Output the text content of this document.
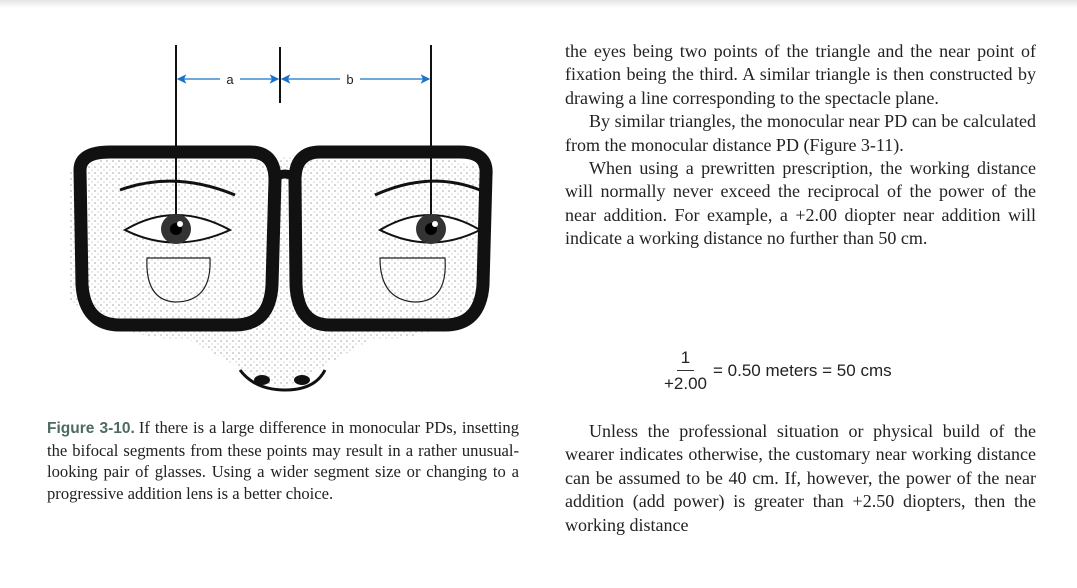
a	b
Figure 3-10. If there is a large difference in monocular PDs, insetting the bifocal segments from these points may result in a rather unusual-looking pair of glasses. Using a wider segment size or changing to a progressive addition lens is a better choice.

the eyes being two points of the triangle and the near point of fixation being the third. A similar triangle is then constructed by drawing a line corresponding to the spectacle plane.

By similar triangles, the monocular near PD can be calculated from the monocular distance PD (Figure 3-11).

When using a prewritten prescription, the working distance will normally never exceed the reciprocal of the power of the near addition. For example, a +2.00 diopter near addition will indicate a working distance no further than 50 cm.

$\frac{1}{+2.00} = 0.50$ meters = 50 cms

Unless the professional situation or physical build of the wearer indicates otherwise, the customary near working distance can be assumed to be 40 cm. If, however, the power of the near addition (add power) is greater than +2.50 diopters, then the working distance
